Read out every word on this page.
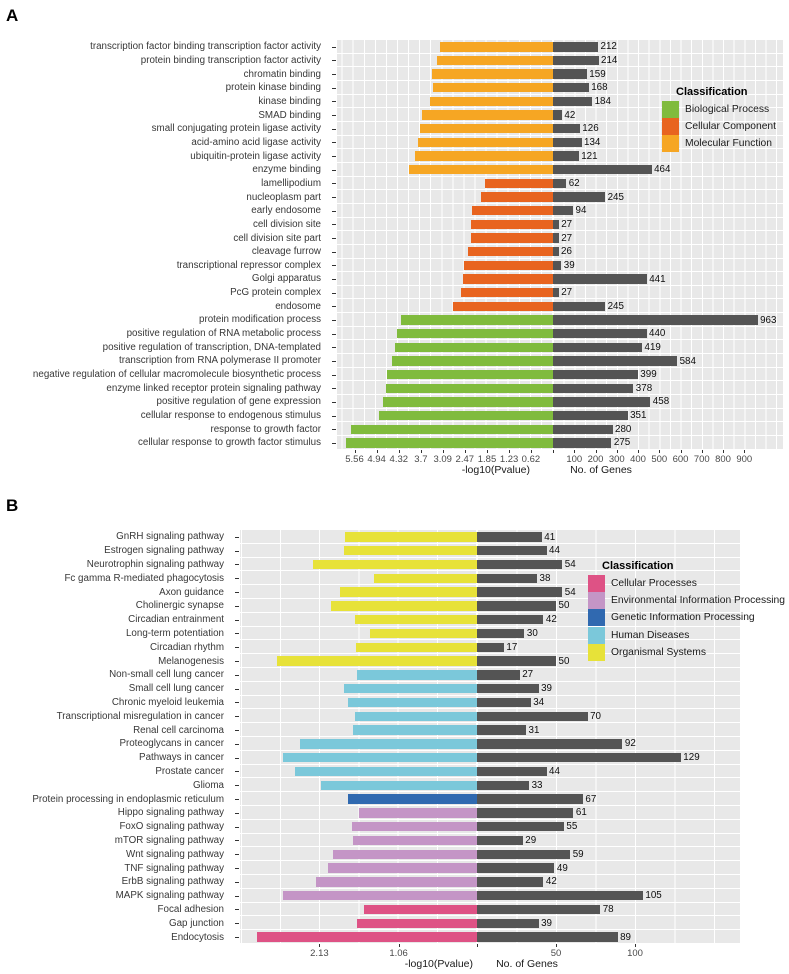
A
transcription factor binding transcription factor activity	212
protein binding transcription factor activity	214
chromatin binding	159
protein kinase binding	168
kinase binding	184
SMAD binding	42
small conjugating protein ligase activity	126
acid-amino acid ligase activity	134
ubiquitin-protein ligase activity	121
enzyme binding	464
lamellipodium	62
nucleoplasm part	245
early endosome	94
cell division site	27
cell division site part	27
cleavage furrow	26
transcriptional repressor complex	39
Golgi apparatus	441
PcG protein complex	27
endosome	245
protein modification process	963
positive regulation of RNA metabolic process	440
positive regulation of transcription, DNA-templated	419
transcription from RNA polymerase II promoter	584
negative regulation of cellular macromolecule biosynthetic process	399
enzyme linked receptor protein signaling pathway	378
positive regulation of gene expression	458
cellular response to endogenous stimulus	351
response to growth factor	280
cellular response to growth factor stimulus	275
5.56 4.94 4.32 3.7 3.09 2.47 1.85 1.23 0.62	100 200 300 400 500 600 700 800 900
-log10(Pvalue)	No. of Genes
Classification
Biological Process
Cellular Component
Molecular Function
B
GnRH signaling pathway	41
Estrogen signaling pathway	44
Neurotrophin signaling pathway	54
Fc gamma R-mediated phagocytosis	38
Axon guidance	54
Cholinergic synapse	50
Circadian entrainment	42
Long-term potentiation	30
Circadian rhythm	17
Melanogenesis	50
Non-small cell lung cancer	27
Small cell lung cancer	39
Chronic myeloid leukemia	34
Transcriptional misregulation in cancer	70
Renal cell carcinoma	31
Proteoglycans in cancer	92
Pathways in cancer	129
Prostate cancer	44
Glioma	33
Protein processing in endoplasmic reticulum	67
Hippo signaling pathway	61
FoxO signaling pathway	55
mTOR signaling pathway	29
Wnt signaling pathway	59
TNF signaling pathway	49
ErbB signaling pathway	42
MAPK signaling pathway	105
Focal adhesion	78
Gap junction	39
Endocytosis	89
2.13	1.06	50	100
-log10(Pvalue) No. of Genes
Classification
Cellular Processes
Environmental Information Processing
Genetic Information Processing
Human Diseases
Organismal Systems
